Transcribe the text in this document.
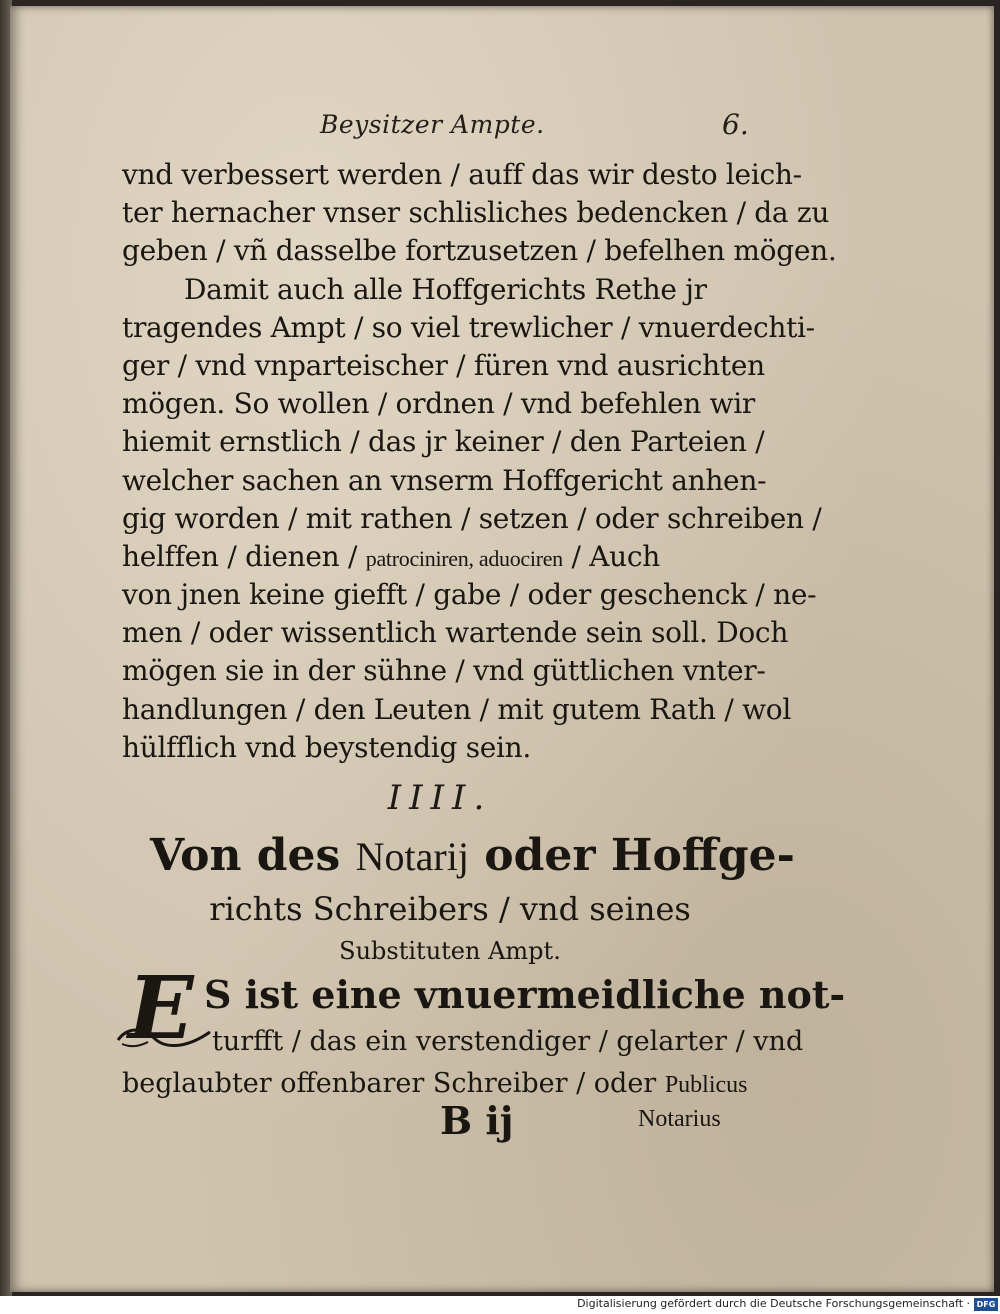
Beysitzer Ampte.	6.
vnd verbessert werden / auff das wir desto leich-
ter hernacher vnser schlisliches bedencken / da zu
geben / vñ dasselbe fortzusetzen / befelhen mögen.
Damit auch alle Hoffgerichts Rethe jr
tragendes Ampt / so viel trewlicher / vnuerdechti-
ger / vnd vnparteischer / füren vnd ausrichten
mögen. So wollen / ordnen / vnd befehlen wir
hiemit ernstlich / das jr keiner / den Parteien /
welcher sachen an vnserm Hoffgericht anhen-
gig worden / mit rathen / setzen / oder schreiben /
helffen / dienen / patrociniren, aduociren / Auch
von jnen keine giefft / gabe / oder geschenck / ne-
men / oder wissentlich wartende sein soll. Doch
mögen sie in der sühne / vnd güttlichen vnter-
handlungen / den Leuten / mit gutem Rath / wol
hülfflich vnd beystendig sein.
IIII.
Von des Notarij oder Hoffge-
richts Schreibers / vnd seines
Substituten Ampt.
E S ist eine vnuermeidliche not-
turfft / das ein verstendiger / gelarter / vnd
beglaubter offenbarer Schreiber / oder Publicus
B ij	Notarius
Digitalisierung gefördert durch die Deutsche Forschungsgemeinschaft · DFG
